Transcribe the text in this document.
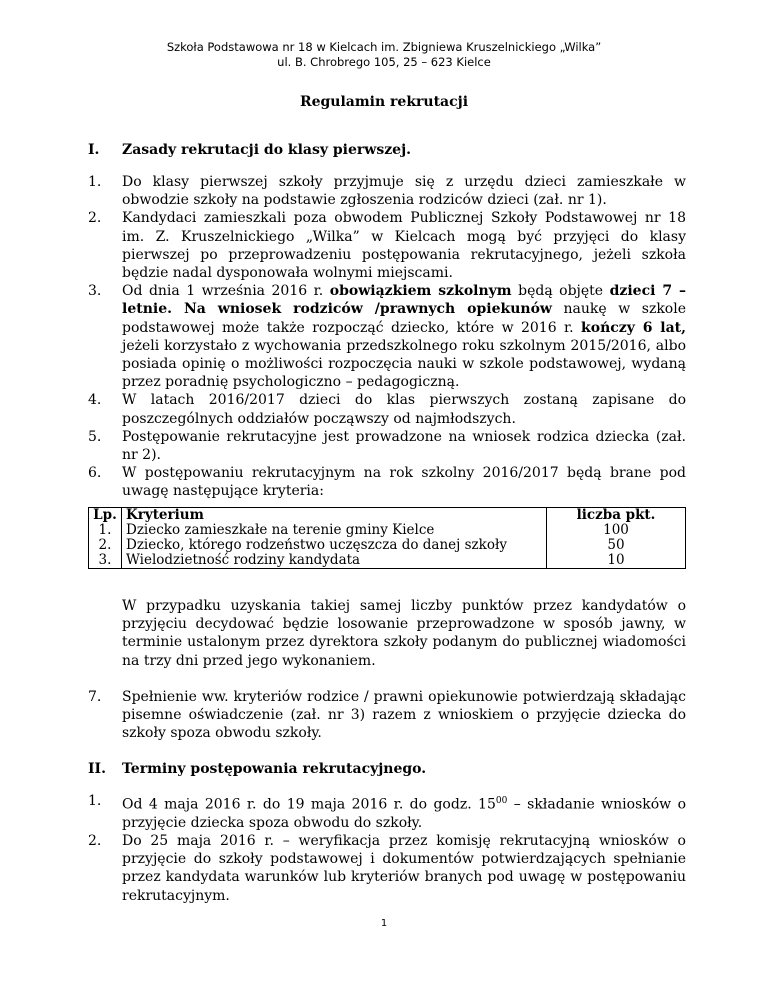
Szkoła Podstawowa nr 18 w Kielcach im. Zbigniewa Kruszelnickiego „Wilka”
ul. B. Chrobrego 105, 25 – 623 Kielce
Regulamin rekrutacji
I. Zasady rekrutacji do klasy pierwszej.
1. Do klasy pierwszej szkoły przyjmuje się z urzędu dzieci zamieszkałe w obwodzie szkoły na podstawie zgłoszenia rodziców dzieci (zał. nr 1).
2. Kandydaci zamieszkali poza obwodem Publicznej Szkoły Podstawowej nr 18 im. Z. Kruszelnickiego „Wilka” w Kielcach mogą być przyjęci do klasy pierwszej po przeprowadzeniu postępowania rekrutacyjnego, jeżeli szkoła będzie nadal dysponowała wolnymi miejscami.
3. Od dnia 1 września 2016 r. obowiązkiem szkolnym będą objęte dzieci 7 – letnie. Na wniosek rodziców /prawnych opiekunów naukę w szkole podstawowej może także rozpocząć dziecko, które w 2016 r. kończy 6 lat, jeżeli korzystało z wychowania przedszkolnego roku szkolnym 2015/2016, albo posiada opinię o możliwości rozpoczęcia nauki w szkole podstawowej, wydaną przez poradnię psychologiczno – pedagogiczną.
4. W latach 2016/2017 dzieci do klas pierwszych zostaną zapisane do poszczególnych oddziałów począwszy od najmłodszych.
5. Postępowanie rekrutacyjne jest prowadzone na wniosek rodzica dziecka (zał. nr 2).
6. W postępowaniu rekrutacyjnym na rok szkolny 2016/2017 będą brane pod uwagę następujące kryteria:
Lp.	Kryterium	liczba pkt.
1.	Dziecko zamieszkałe na terenie gminy Kielce	100
2.	Dziecko, którego rodzeństwo uczęszcza do danej szkoły	50
3.	Wielodzietność rodziny kandydata	10
W przypadku uzyskania takiej samej liczby punktów przez kandydatów o przyjęciu decydować będzie losowanie przeprowadzone w sposób jawny, w terminie ustalonym przez dyrektora szkoły podanym do publicznej wiadomości na trzy dni przed jego wykonaniem.
7. Spełnienie ww. kryteriów rodzice / prawni opiekunowie potwierdzają składając pisemne oświadczenie (zał. nr 3) razem z wnioskiem o przyjęcie dziecka do szkoły spoza obwodu szkoły.
II. Terminy postępowania rekrutacyjnego.
1. Od 4 maja 2016 r. do 19 maja 2016 r. do godz. $15^{00}$ – składanie wniosków o przyjęcie dziecka spoza obwodu do szkoły.
2. Do 25 maja 2016 r. – weryfikacja przez komisję rekrutacyjną wniosków o przyjęcie do szkoły podstawowej i dokumentów potwierdzających spełnianie przez kandydata warunków lub kryteriów branych pod uwagę w postępowaniu rekrutacyjnym.
1
